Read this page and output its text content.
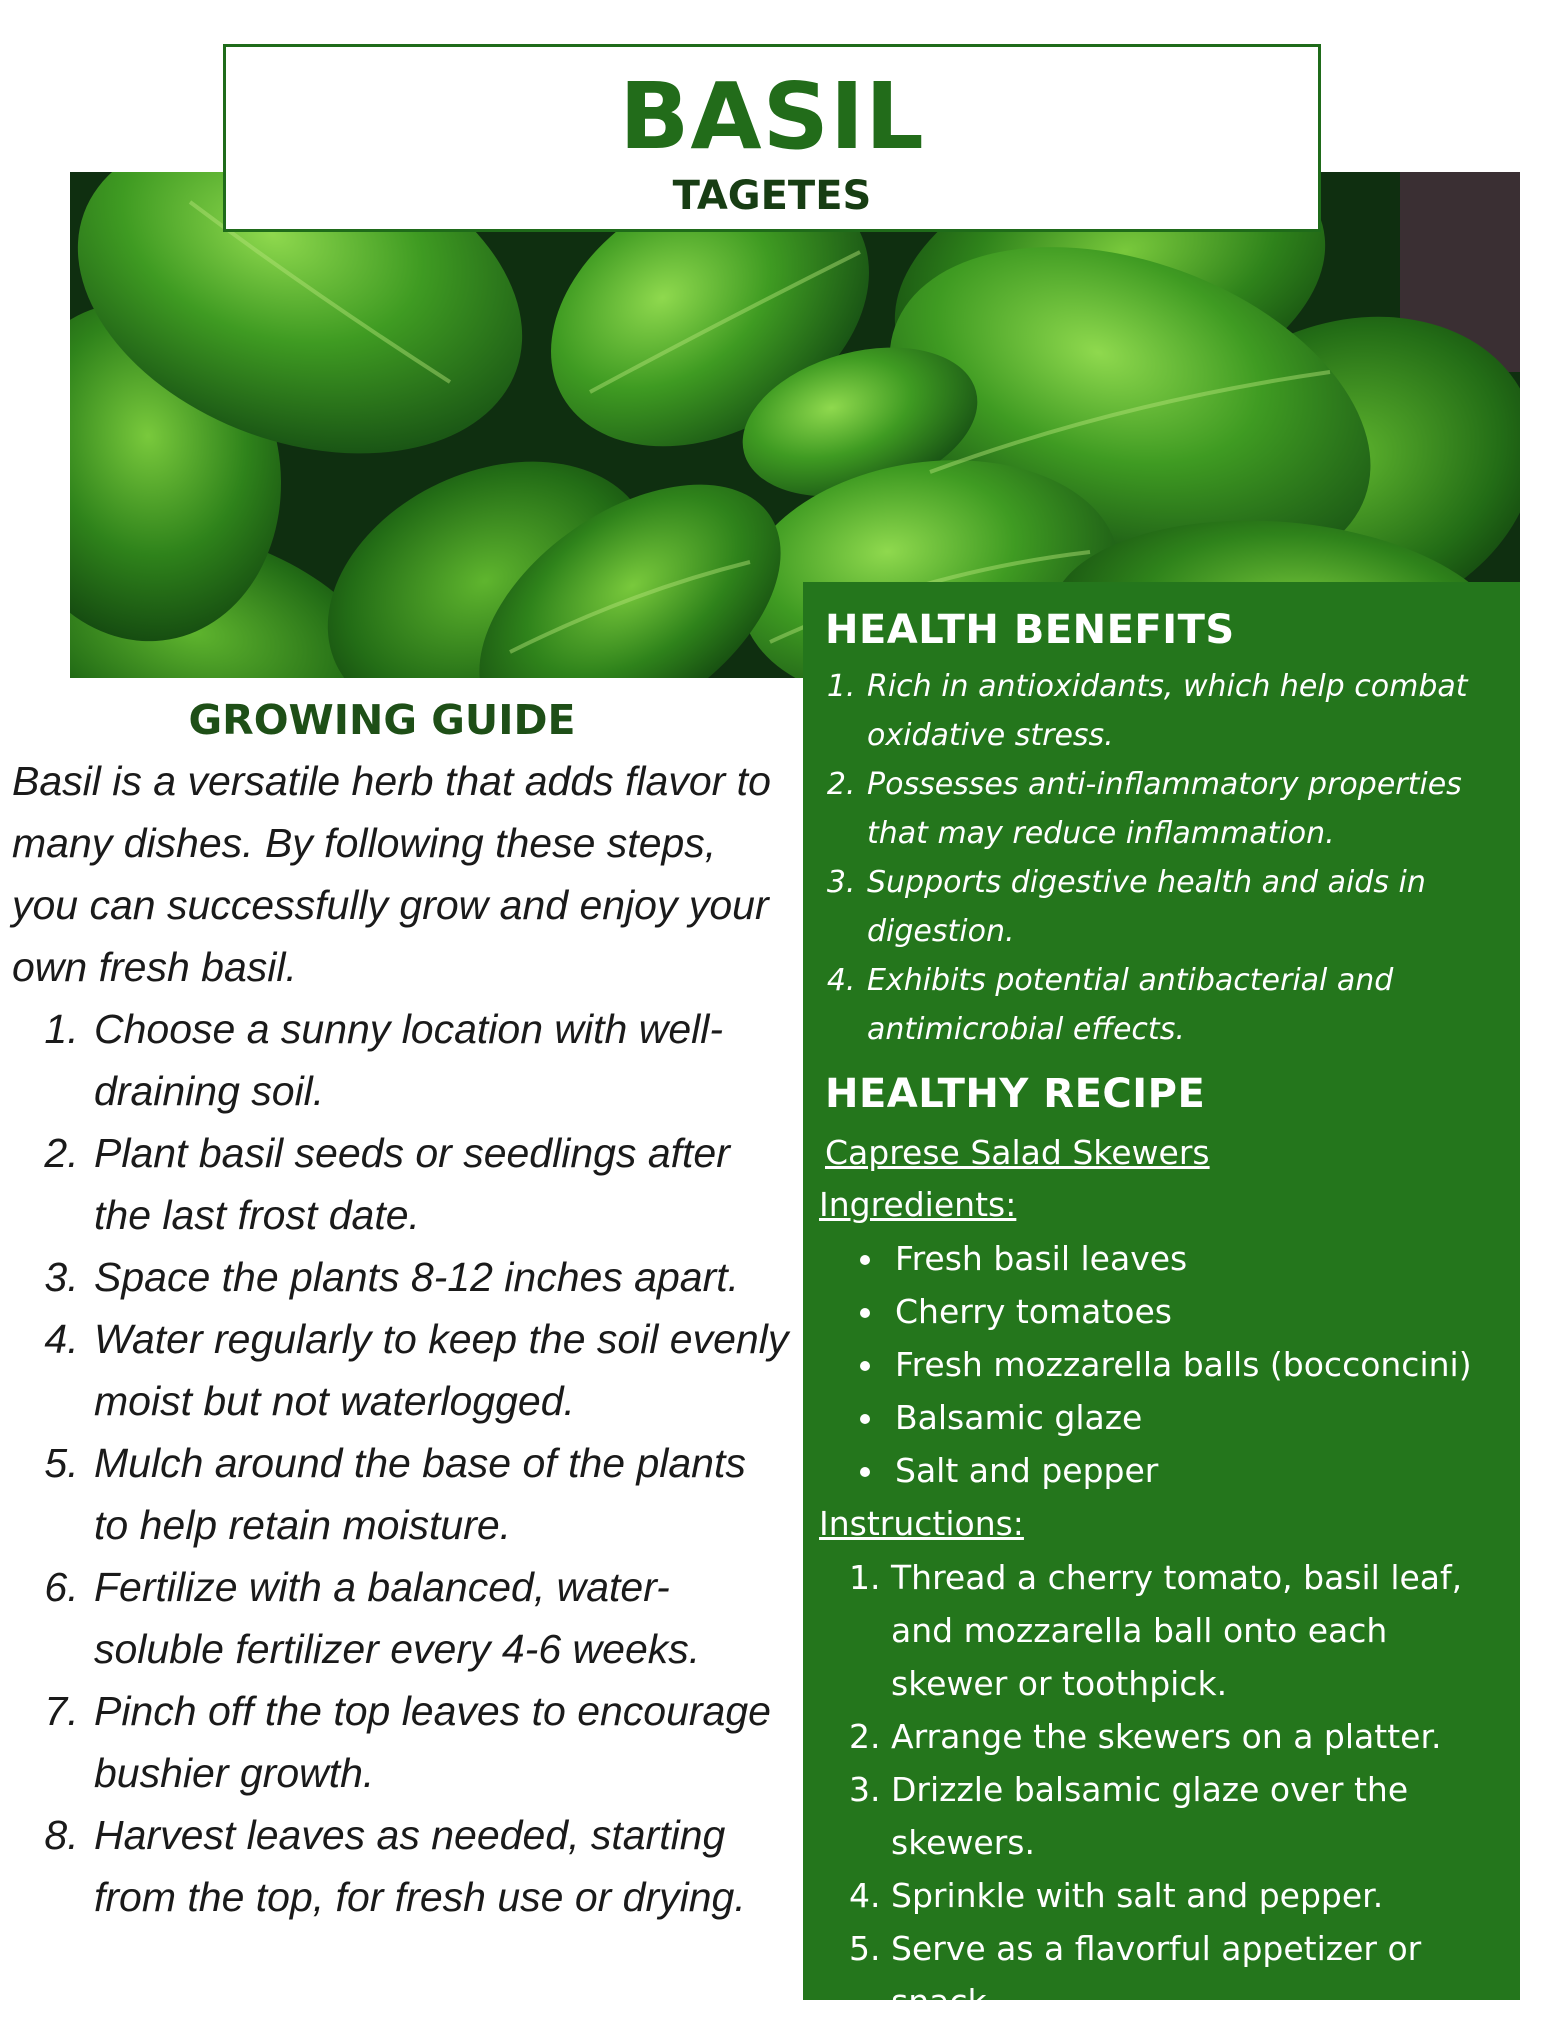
BASIL
TAGETES
GROWING GUIDE

Basil is a versatile herb that adds flavor to many dishes. By following these steps, you can successfully grow and enjoy your own fresh basil.

1. Choose a sunny location with well-draining soil.
2. Plant basil seeds or seedlings after the last frost date.
3. Space the plants 8-12 inches apart.
4. Water regularly to keep the soil evenly moist but not waterlogged.
5. Mulch around the base of the plants to help retain moisture.
6. Fertilize with a balanced, water-soluble fertilizer every 4-6 weeks.
7. Pinch off the top leaves to encourage bushier growth.
8. Harvest leaves as needed, starting from the top, for fresh use or drying.
HEALTH BENEFITS
1. Rich in antioxidants, which help combat oxidative stress.
2. Possesses anti-inflammatory properties that may reduce inflammation.
3. Supports digestive health and aids in digestion.
4. Exhibits potential antibacterial and antimicrobial effects.
HEALTHY RECIPE
Caprese Salad Skewers
Ingredients:
• Fresh basil leaves
• Cherry tomatoes
• Fresh mozzarella balls (bocconcini)
• Balsamic glaze
• Salt and pepper
Instructions:
1. Thread a cherry tomato, basil leaf, and mozzarella ball onto each skewer or toothpick.
2. Arrange the skewers on a platter.
3. Drizzle balsamic glaze over the skewers.
4. Sprinkle with salt and pepper.
5. Serve as a flavorful appetizer or snack.
